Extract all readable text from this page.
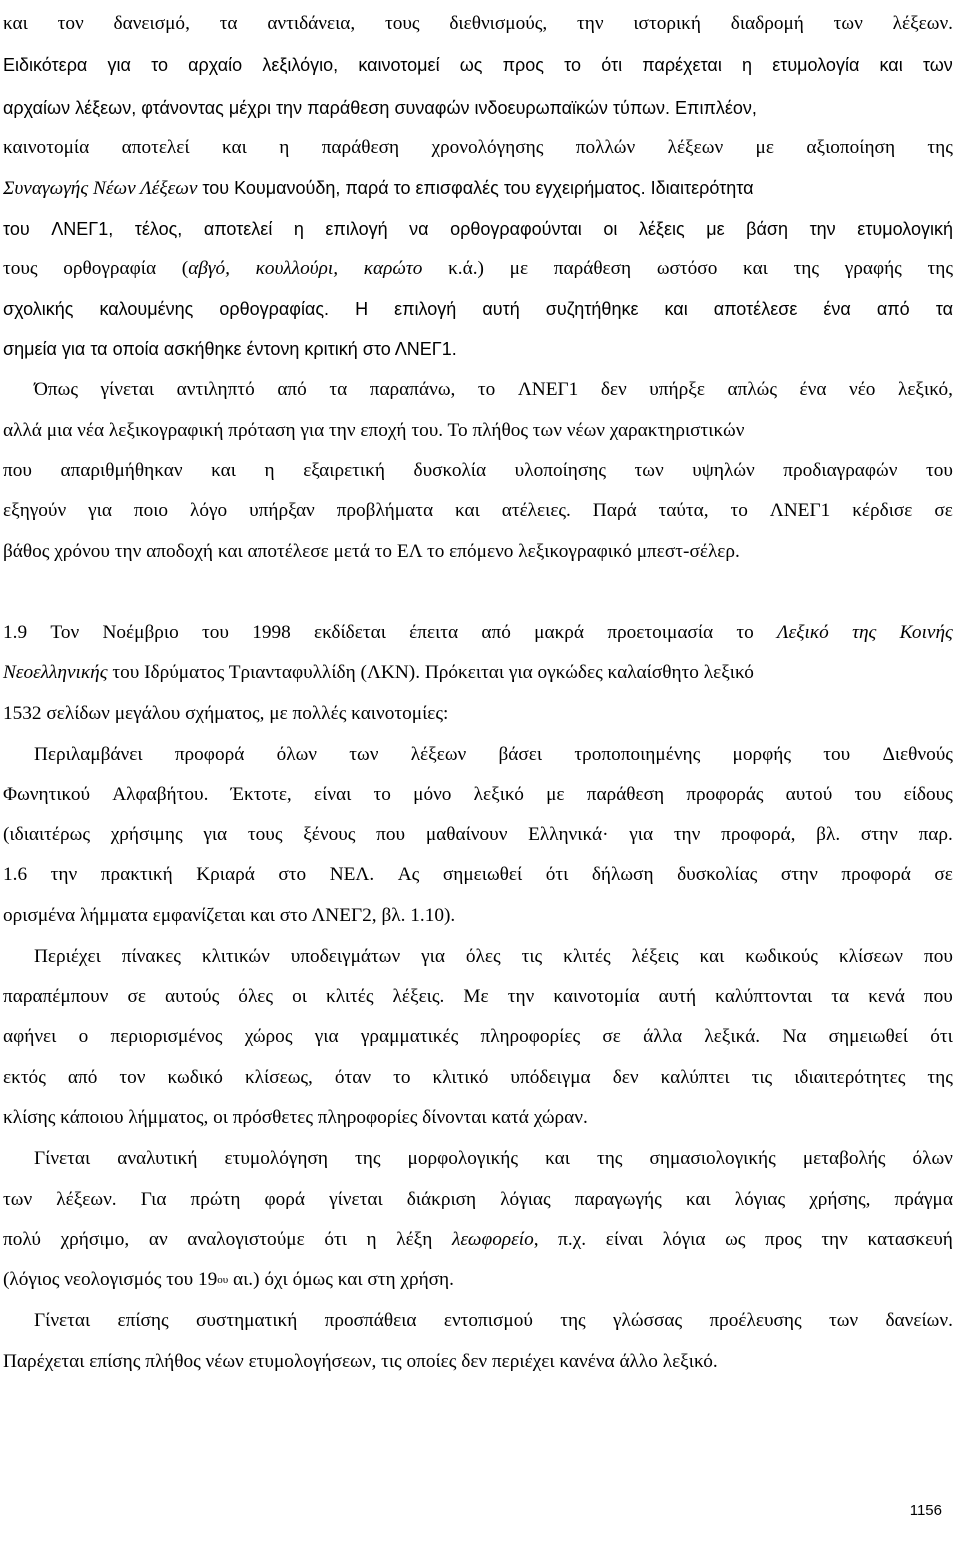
και τον δανεισμό, τα αντιδάνεια, τους διεθνισμούς, την ιστορική διαδρομή των λέξεων.

Ειδικότερα για το αρχαίο λεξιλόγιο, καινοτομεί ως προς το ότι παρέχεται η ετυμολογία και των

αρχαίων λέξεων, φτάνοντας μέχρι την παράθεση συναφών ινδοευρωπαϊκών τύπων. Επιπλέον,

καινοτομία αποτελεί και η παράθεση χρονολόγησης πολλών λέξεων με αξιοποίηση της

Συναγωγής Νέων Λέξεων του Κουμανούδη, παρά το επισφαλές του εγχειρήματος. Ιδιαιτερότητα

του ΛΝΕΓ1, τέλος, αποτελεί η επιλογή να ορθογραφούνται οι λέξεις με βάση την ετυμολογική

τους ορθογραφία (αβγό, κουλλούρι, καρώτο κ.ά.) με παράθεση ωστόσο και της γραφής της

σχολικής καλουμένης ορθογραφίας. Η επιλογή αυτή συζητήθηκε και αποτέλεσε ένα από τα

σημεία για τα οποία ασκήθηκε έντονη κριτική στο ΛΝΕΓ1.

Όπως γίνεται αντιληπτό από τα παραπάνω, το ΛΝΕΓ1 δεν υπήρξε απλώς ένα νέο λεξικό,

αλλά μια νέα λεξικογραφική πρόταση για την εποχή του. Το πλήθος των νέων χαρακτηριστικών

που απαριθμήθηκαν και η εξαιρετική δυσκολία υλοποίησης των υψηλών προδιαγραφών του

εξηγούν για ποιο λόγο υπήρξαν προβλήματα και ατέλειες. Παρά ταύτα, το ΛΝΕΓ1 κέρδισε σε

βάθος χρόνου την αποδοχή και αποτέλεσε μετά το ΕΛ το επόμενο λεξικογραφικό μπεστ-σέλερ.

1.9 Τον Νοέμβριο του 1998 εκδίδεται έπειτα από μακρά προετοιμασία το Λεξικό της Κοινής

Νεοελληνικής του Ιδρύματος Τριανταφυλλίδη (ΛΚΝ). Πρόκειται για ογκώδες καλαίσθητο λεξικό

1532 σελίδων μεγάλου σχήματος, με πολλές καινοτομίες:

Περιλαμβάνει προφορά όλων των λέξεων βάσει τροποποιημένης μορφής του Διεθνούς

Φωνητικού Αλφαβήτου. Έκτοτε, είναι το μόνο λεξικό με παράθεση προφοράς αυτού του είδους

(ιδιαιτέρως χρήσιμης για τους ξένους που μαθαίνουν Ελληνικά· για την προφορά, βλ. στην παρ.

1.6 την πρακτική Κριαρά στο ΝΕΛ. Ας σημειωθεί ότι δήλωση δυσκολίας στην προφορά σε

ορισμένα λήμματα εμφανίζεται και στο ΛΝΕΓ2, βλ. 1.10).

Περιέχει πίνακες κλιτικών υποδειγμάτων για όλες τις κλιτές λέξεις και κωδικούς κλίσεων που

παραπέμπουν σε αυτούς όλες οι κλιτές λέξεις. Με την καινοτομία αυτή καλύπτονται τα κενά που

αφήνει ο περιορισμένος χώρος για γραμματικές πληροφορίες σε άλλα λεξικά. Να σημειωθεί ότι

εκτός από τον κωδικό κλίσεως, όταν το κλιτικό υπόδειγμα δεν καλύπτει τις ιδιαιτερότητες της

κλίσης κάποιου λήμματος, οι πρόσθετες πληροφορίες δίνονται κατά χώραν.

Γίνεται αναλυτική ετυμολόγηση της μορφολογικής και της σημασιολογικής μεταβολής όλων

των λέξεων. Για πρώτη φορά γίνεται διάκριση λόγιας παραγωγής και λόγιας χρήσης, πράγμα

πολύ χρήσιμο, αν αναλογιστούμε ότι η λέξη λεωφορείο, π.χ. είναι λόγια ως προς την κατασκευή

(λόγιος νεολογισμός του $19^{o\upsilon}$ αι.) όχι όμως και στη χρήση.

Γίνεται επίσης συστηματική προσπάθεια εντοπισμού της γλώσσας προέλευσης των δανείων.

Παρέχεται επίσης πλήθος νέων ετυμολογήσεων, τις οποίες δεν περιέχει κανένα άλλο λεξικό.

1156
